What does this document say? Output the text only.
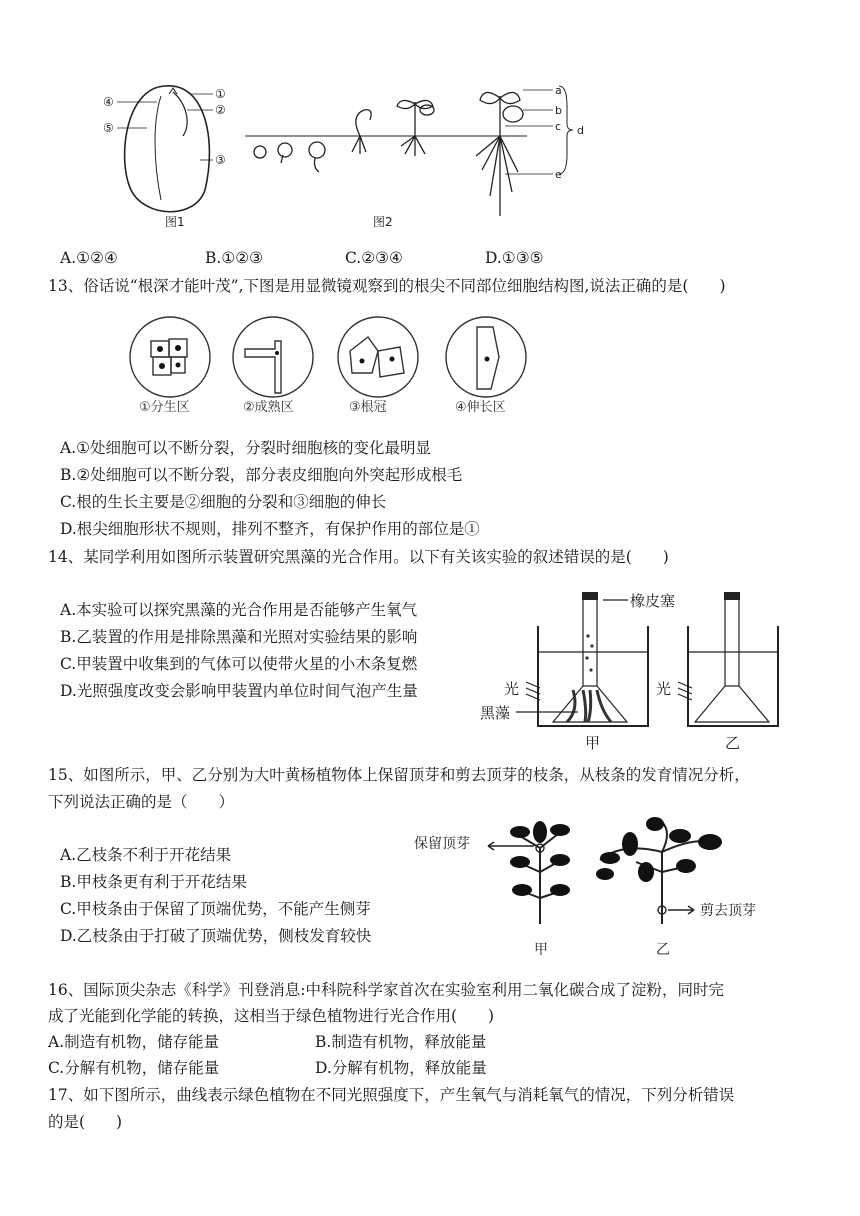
①
②
③
④
⑤
图1	图2
a
b
c d
e
A.①②④	B.①②③	C.②③④	D.①③⑤
13、俗话说“根深才能叶茂”,下图是用显微镜观察到的根尖不同部位细胞结构图,说法正确的是(　　)
①分生区	②成熟区	③根冠	④伸长区
A.①处细胞可以不断分裂，分裂时细胞核的变化最明显
B.②处细胞可以不断分裂，部分表皮细胞向外突起形成根毛
C.根的生长主要是②细胞的分裂和③细胞的伸长
D.根尖细胞形状不规则，排列不整齐，有保护作用的部位是①
14、某同学利用如图所示装置研究黑藻的光合作用。以下有关该实验的叙述错误的是(　　)
A.本实验可以探究黑藻的光合作用是否能够产生氧气
B.乙装置的作用是排除黑藻和光照对实验结果的影响
C.甲装置中收集到的气体可以使带火星的小木条复燃
D.光照强度改变会影响甲装置内单位时间气泡产生量
橡皮塞
光	光
黑藻
甲	乙
15、如图所示，甲、乙分别为大叶黄杨植物体上保留顶芽和剪去顶芽的枝条，从枝条的发育情况分析，
下列说法正确的是（　　）
A.乙枝条不利于开花结果
B.甲枝条更有利于开花结果
C.甲枝条由于保留了顶端优势，不能产生侧芽
D.乙枝条由于打破了顶端优势，侧枝发育较快
保留顶芽
剪去顶芽
甲	乙
16、国际顶尖杂志《科学》刊登消息:中科院科学家首次在实验室利用二氧化碳合成了淀粉，同时完
成了光能到化学能的转换，这相当于绿色植物进行光合作用(　　)
A.制造有机物，储存能量	B.制造有机物，释放能量
C.分解有机物，储存能量	D.分解有机物，释放能量
17、如下图所示，曲线表示绿色植物在不同光照强度下，产生氧气与消耗氧气的情况，下列分析错误
的是(　　)
